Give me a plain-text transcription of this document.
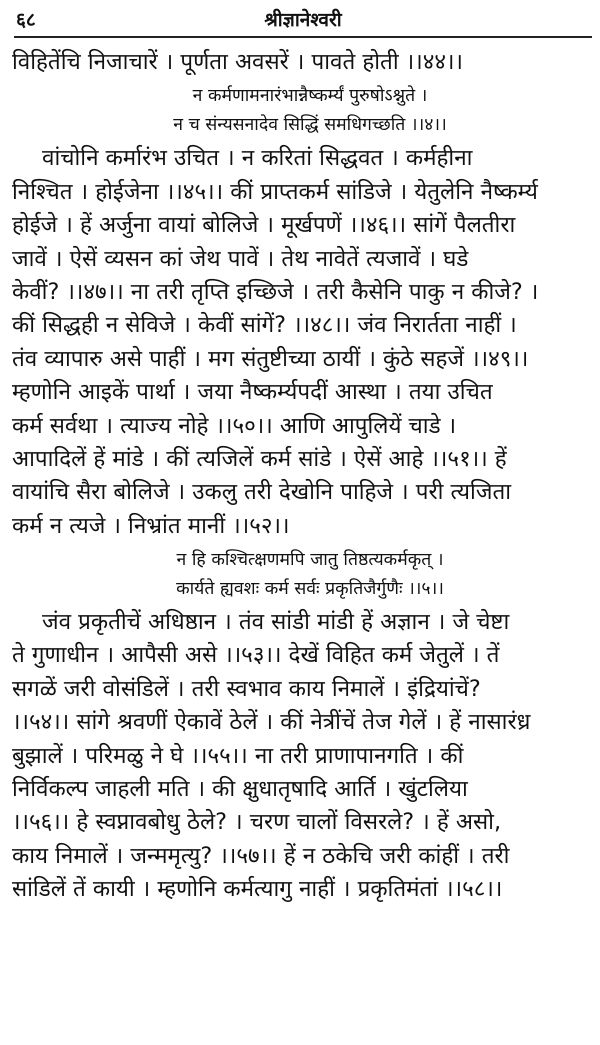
६८	श्रीज्ञानेश्वरी
विहितेंचि निजाचारें । पूर्णता अवसरें । पावते होती ।।४४।।
न कर्मणामनारंभान्नैष्कर्म्यं पुरुषोऽश्नुते ।
न च संन्यसनादेव सिद्धिं समधिगच्छति ।।४।।
वांचोनि कर्मारंभ उचित । न करितां सिद्धवत । कर्महीना
निश्चित । होईजेना ।।४५।। कीं प्राप्तकर्म सांडिजे । येतुलेनि नैष्कर्म्य
होईजे । हें अर्जुना वायां बोलिजे । मूर्खपणें ।।४६।। सांगें पैलतीरा
जावें । ऐसें व्यसन कां जेथ पावें । तेथ नावेतें त्यजावें । घडे
केवीं? ।।४७।। ना तरी तृप्ति इच्छिजे । तरी कैसेनि पाकु न कीजे? ।
कीं सिद्धही न सेविजे । केवीं सांगें? ।।४८।। जंव निरार्तता नाहीं ।
तंव व्यापारु असे पाहीं । मग संतुष्टीच्या ठायीं । कुंठे सहजें ।।४९।।
म्हणोनि आइकें पार्था । जया नैष्कर्म्यपदीं आस्था । तया उचित
कर्म सर्वथा । त्याज्य नोहे ।।५०।। आणि आपुलियें चाडे ।
आपादिलें हें मांडे । कीं त्यजिलें कर्म सांडे । ऐसें आहे ।।५१।। हें
वायांचि सैरा बोलिजे । उकलु तरी देखोनि पाहिजे । परी त्यजिता
कर्म न त्यजे । निभ्रांत मानीं ।।५२।।
न हि कश्चित्क्षणमपि जातु तिष्ठत्यकर्मकृत् ।
कार्यते ह्यवशः कर्म सर्वः प्रकृतिजैर्गुणैः ।।५।।
जंव प्रकृतीचें अधिष्ठान । तंव सांडी मांडी हें अज्ञान । जे चेष्टा
ते गुणाधीन । आपैसी असे ।।५३।। देखें विहित कर्म जेतुलें । तें
सगळें जरी वोसंडिलें । तरी स्वभाव काय निमालें । इंद्रियांचें?
।।५४।। सांगे श्रवणीं ऐकावें ठेलें । कीं नेत्रींचें तेज गेलें । हें नासारंध्र
बुझालें । परिमळु ने घे ।।५५।। ना तरी प्राणापानगति । कीं
निर्विकल्प जाहली मति । की क्षुधातृषादि आर्ति । खुंटलिया
।।५६।। हे स्वप्नावबोधु ठेले? । चरण चालों विसरले? । हें असो,
काय निमालें । जन्ममृत्यु? ।।५७।। हें न ठकेचि जरी कांहीं । तरी
सांडिलें तें कायी । म्हणोनि कर्मत्यागु नाहीं । प्रकृतिमंतां ।।५८।।
